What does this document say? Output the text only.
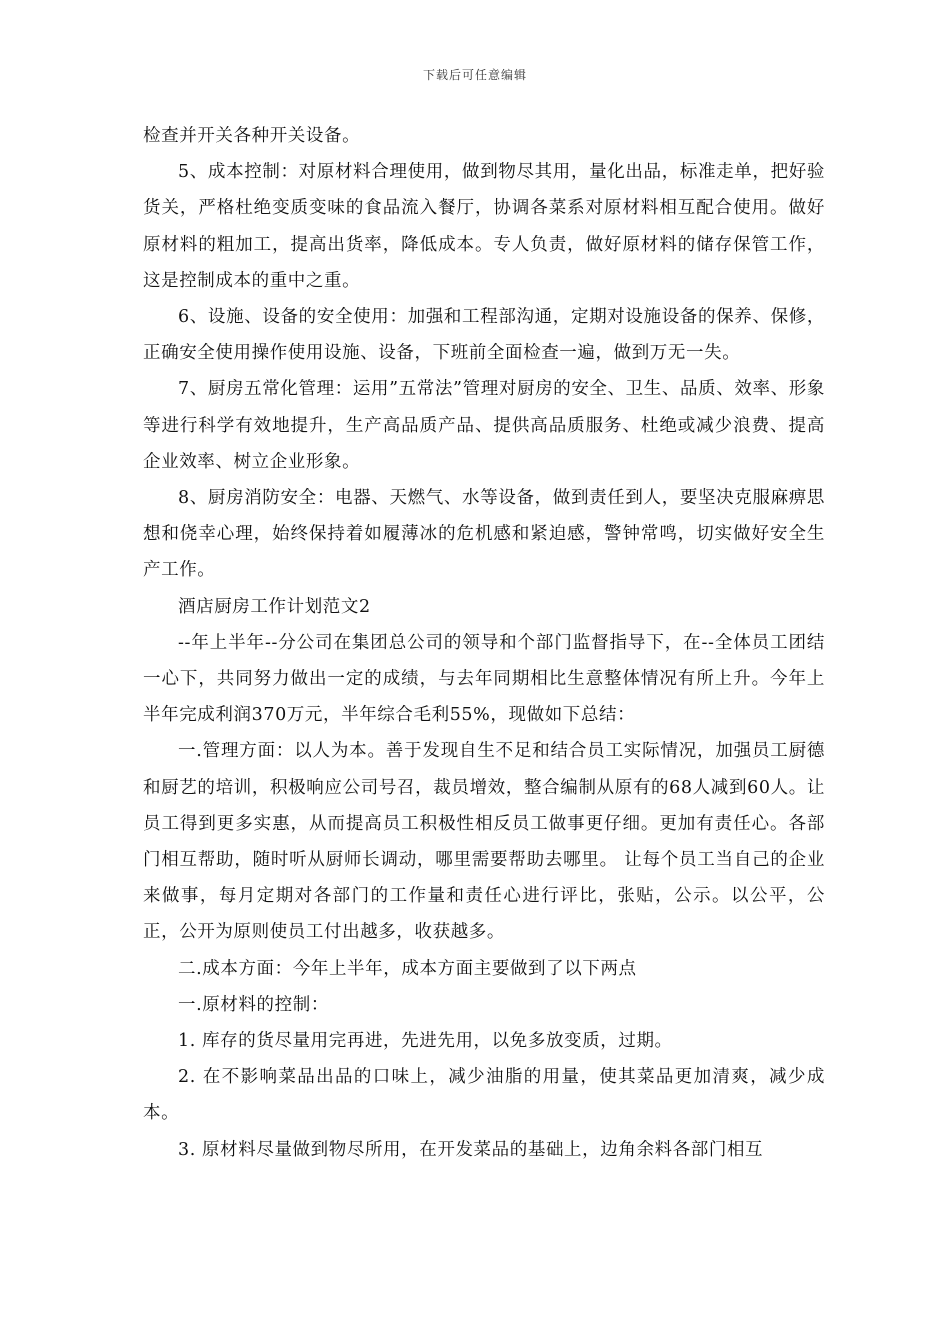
下载后可任意编辑

检查并开关各种开关设备。

5、成本控制：对原材料合理使用，做到物尽其用，量化出品，标准走单，把好验货关，严格杜绝变质变味的食品流入餐厅，协调各菜系对原材料相互配合使用。做好原材料的粗加工，提高出货率，降低成本。专人负责，做好原材料的储存保管工作，这是控制成本的重中之重。

6、设施、设备的安全使用：加强和工程部沟通，定期对设施设备的保养、保修，正确安全使用操作使用设施、设备，下班前全面检查一遍，做到万无一失。

7、厨房五常化管理：运用”五常法”管理对厨房的安全、卫生、品质、效率、形象等进行科学有效地提升，生产高品质产品、提供高品质服务、杜绝或减少浪费、提高企业效率、树立企业形象。

8、厨房消防安全：电器、天燃气、水等设备，做到责任到人，要坚决克服麻痹思想和侥幸心理，始终保持着如履薄冰的危机感和紧迫感，警钟常鸣，切实做好安全生产工作。

酒店厨房工作计划范文2

--年上半年--分公司在集团总公司的领导和个部门监督指导下，在--全体员工团结一心下，共同努力做出一定的成绩，与去年同期相比生意整体情况有所上升。今年上半年完成利润370万元，半年综合毛利55%，现做如下总结：

一.管理方面：以人为本。善于发现自生不足和结合员工实际情况，加强员工厨德和厨艺的培训，积极响应公司号召，裁员增效，整合编制从原有的68人减到60人。让员工得到更多实惠，从而提高员工积极性相反员工做事更仔细。更加有责任心。各部门相互帮助，随时听从厨师长调动，哪里需要帮助去哪里。 让每个员工当自己的企业来做事，每月定期对各部门的工作量和责任心进行评比，张贴，公示。以公平，公正，公开为原则使员工付出越多，收获越多。

二.成本方面：今年上半年，成本方面主要做到了以下两点

一.原材料的控制：

1. 库存的货尽量用完再进，先进先用，以免多放变质，过期。

2. 在不影响菜品出品的口味上，减少油脂的用量，使其菜品更加清爽，减少成本。

3. 原材料尽量做到物尽所用，在开发菜品的基础上，边角余料各部门相互
